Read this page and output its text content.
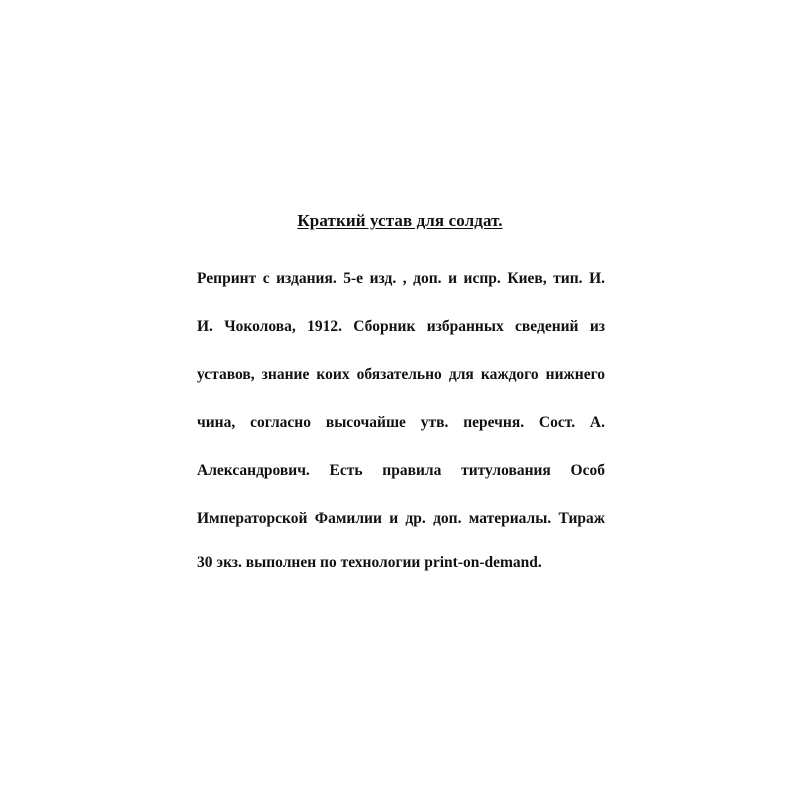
Краткий устав для солдат.
Репринт с издания. 5-е изд. , доп. и испр. Киев, тип. И.
И. Чоколова, 1912. Сборник избранных сведений из
уставов, знание коих обязательно для каждого нижнего
чина, согласно высочайше утв. перечня. Сост. А.
Александрович. Есть правила титулования Особ
Императорской Фамилии и др. доп. материалы. Тираж
30 экз. выполнен по технологии print-on-demand.
